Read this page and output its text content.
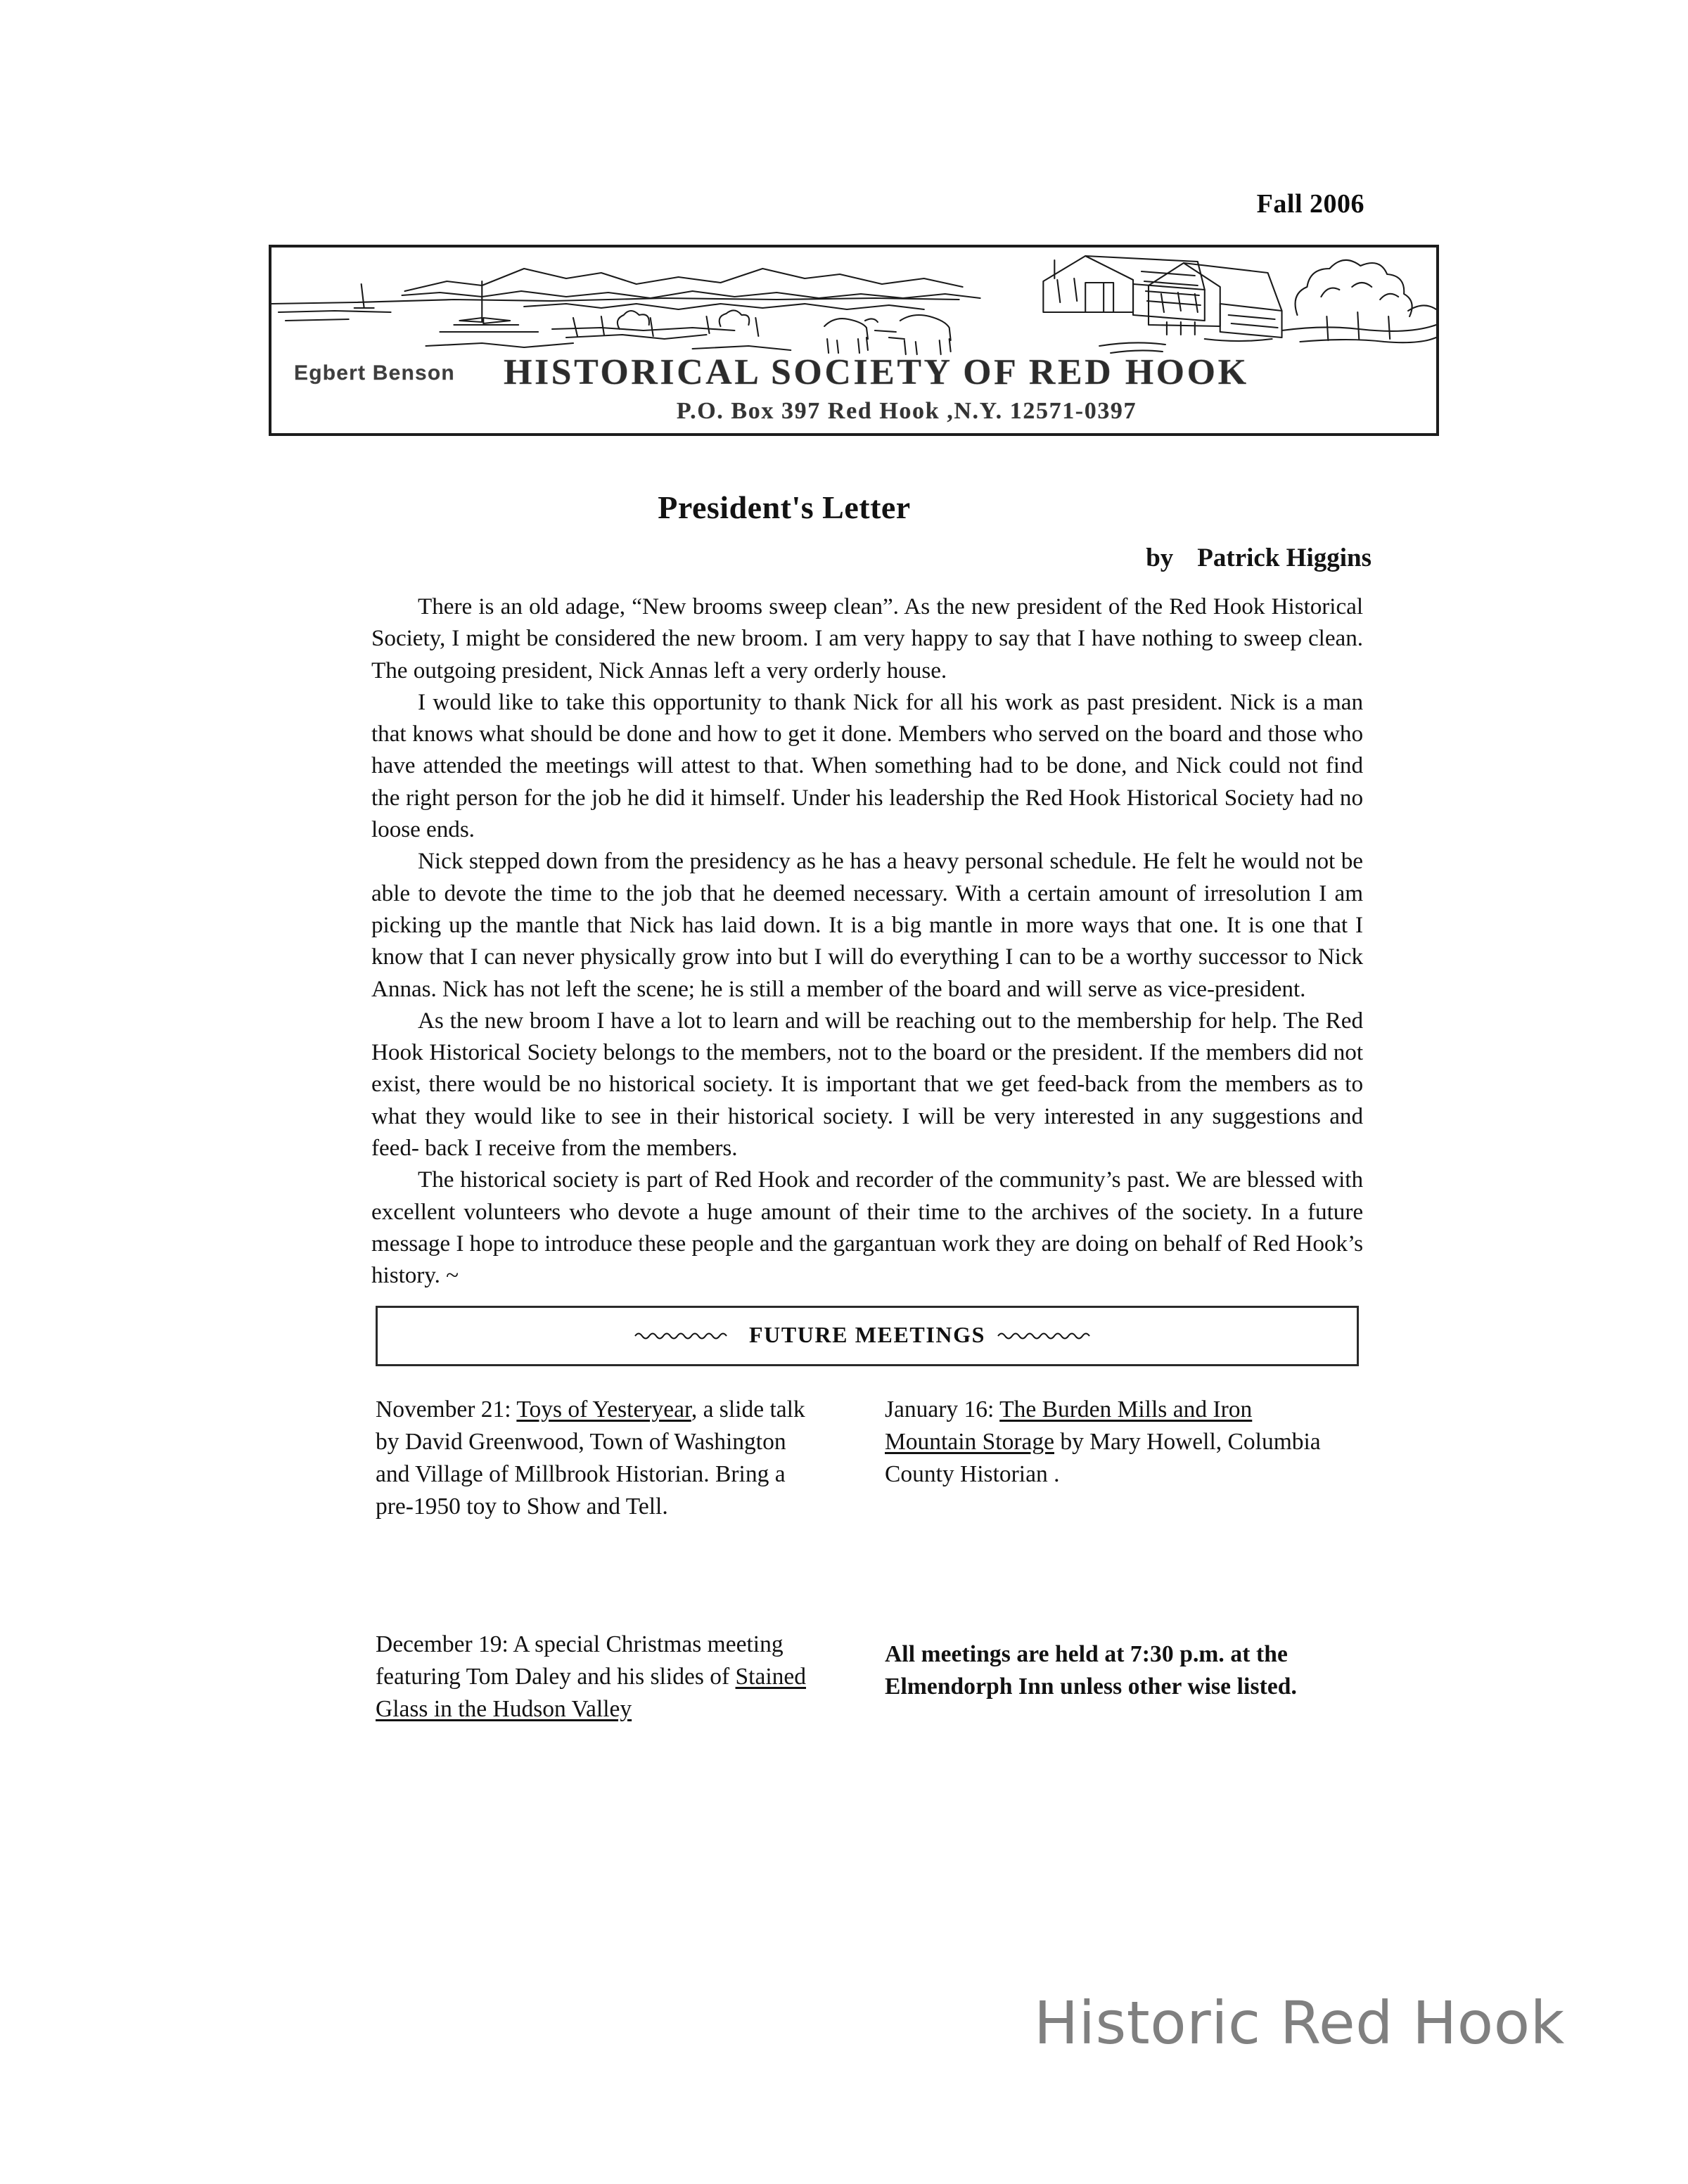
Fall 2006
Egbert Benson HISTORICAL SOCIETY OF RED HOOK
P.O. Box 397 Red Hook ,N.Y. 12571-0397
President's Letter
by Patrick Higgins

There is an old adage, “New brooms sweep clean”. As the new president of the Red Hook Historical Society, I might be considered the new broom. I am very happy to say that I have nothing to sweep clean. The outgoing president, Nick Annas left a very orderly house.

I would like to take this opportunity to thank Nick for all his work as past president. Nick is a man that knows what should be done and how to get it done. Members who served on the board and those who have attended the meetings will attest to that. When something had to be done, and Nick could not find the right person for the job he did it himself. Under his leadership the Red Hook Historical Society had no loose ends.

Nick stepped down from the presidency as he has a heavy personal schedule. He felt he would not be able to devote the time to the job that he deemed necessary. With a certain amount of irresolution I am picking up the mantle that Nick has laid down. It is a big mantle in more ways that one. It is one that I know that I can never physically grow into but I will do everything I can to be a worthy successor to Nick Annas. Nick has not left the scene; he is still a member of the board and will serve as vice-president.

As the new broom I have a lot to learn and will be reaching out to the membership for help. The Red Hook Historical Society belongs to the members, not to the board or the president. If the members did not exist, there would be no historical society. It is important that we get feed-back from the members as to what they would like to see in their historical society. I will be very interested in any suggestions and feed- back I receive from the members.

The historical society is part of Red Hook and recorder of the community’s past. We are blessed with excellent volunteers who devote a huge amount of their time to the archives of the society. In a future message I hope to introduce these people and the gargantuan work they are doing on behalf of Red Hook’s history. ~

FUTURE MEETINGS

November 21: Toys of Yesteryear, a slide talk by David Greenwood, Town of Washington and Village of Millbrook Historian. Bring a pre-1950 toy to Show and Tell.

December 19: A special Christmas meeting featuring Tom Daley and his slides of Stained Glass in the Hudson Valley

January 16: The Burden Mills and Iron Mountain Storage by Mary Howell, Columbia County Historian .

All meetings are held at 7:30 p.m. at the Elmendorph Inn unless other wise listed.

Historic Red Hook
